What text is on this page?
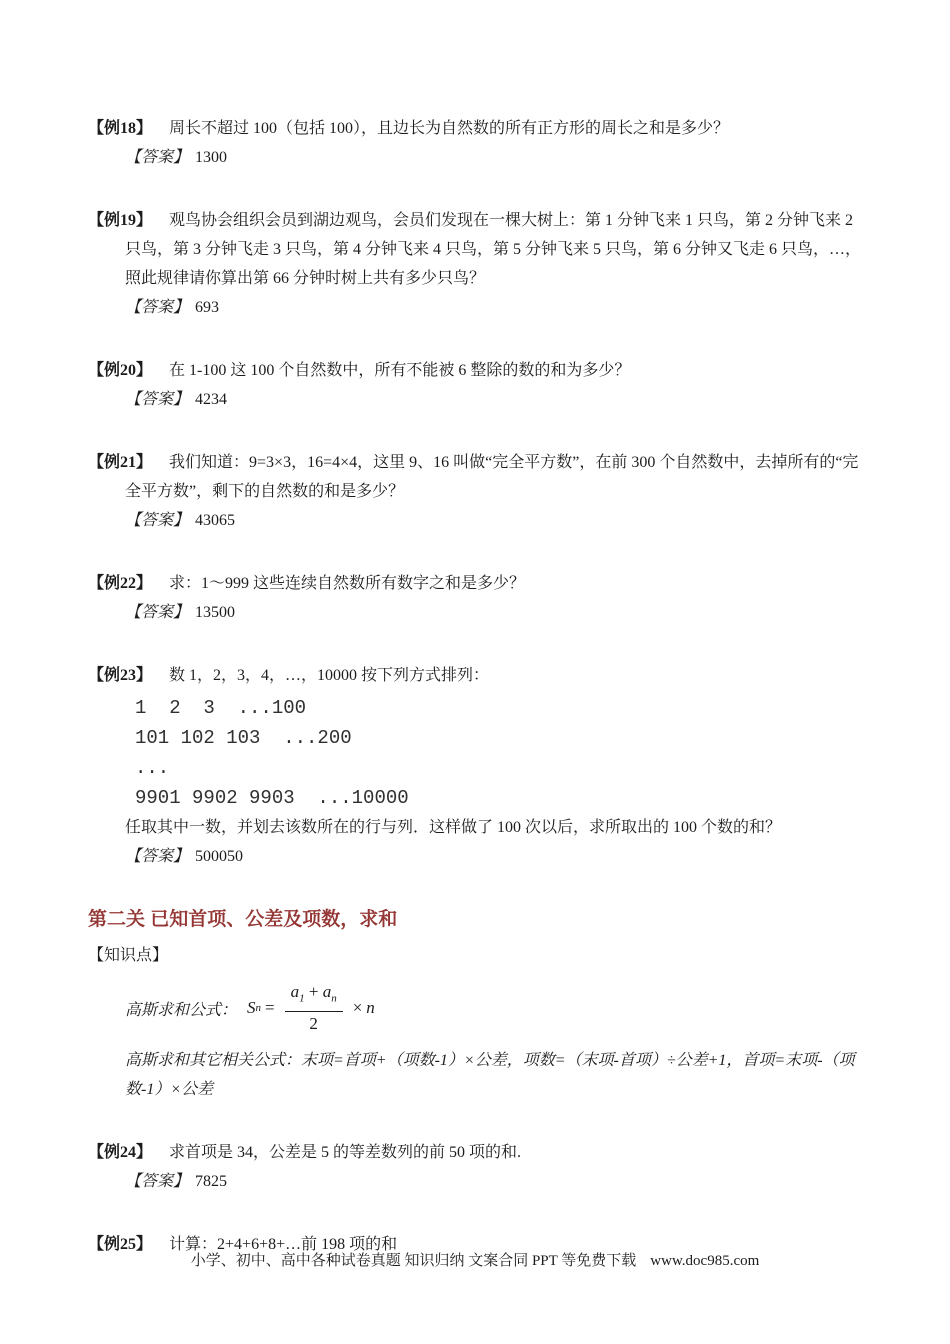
【例18】 周长不超过 100（包括 100），且边长为自然数的所有正方形的周长之和是多少？

【答案】 1300

【例19】 观鸟协会组织会员到湖边观鸟，会员们发现在一棵大树上：第 1 分钟飞来 1 只鸟，第 2 分钟飞来 2 只鸟，第 3 分钟飞走 3 只鸟，第 4 分钟飞来 4 只鸟，第 5 分钟飞来 5 只鸟，第 6 分钟又飞走 6 只鸟，…，照此规律请你算出第 66 分钟时树上共有多少只鸟？

【答案】 693

【例20】 在 1-100 这 100 个自然数中，所有不能被 6 整除的数的和为多少？

【答案】 4234

【例21】 我们知道：9=3×3，16=4×4，这里 9、16 叫做“完全平方数”，在前 300 个自然数中，去掉所有的“完全平方数”，剩下的自然数的和是多少？

【答案】 43065

【例22】 求：1～999 这些连续自然数所有数字之和是多少？

【答案】 13500

【例23】 数 1，2，3，4，…，10000 按下列方式排列：

1  2  3  ...100
101 102 103  ...200
...
9901 9902 9903  ...10000

任取其中一数，并划去该数所在的行与列．这样做了 100 次以后，求所取出的 100 个数的和？

【答案】 500050

第二关 已知首项、公差及项数，求和

【知识点】

高斯求和公式： S $n = \frac{a_1 + a_n}{2} \times n$

高斯求和其它相关公式：末项=首项+（项数-1）×公差，项数=（末项-首项）÷公差+1，首项=末项-（项数-1）×公差

【例24】 求首项是 34，公差是 5 的等差数列的前 50 项的和.

【答案】 7825

【例25】 计算：2+4+6+8+…前 198 项的和

小学、初中、高中各种试卷真题 知识归纳 文案合同 PPT 等免费下载 www.doc985.com
